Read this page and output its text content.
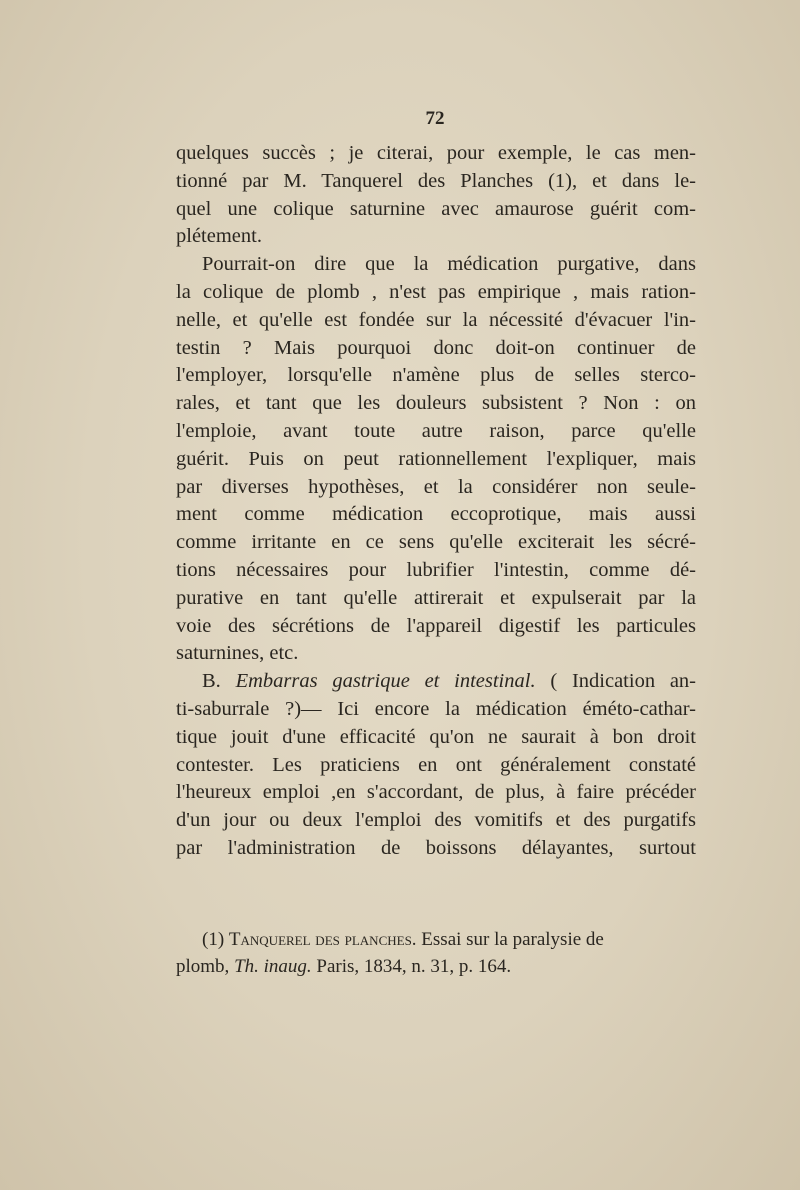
72
quelques succès ; je citerai, pour exemple, le cas men-
tionné par M. Tanquerel des Planches (1), et dans le-
quel une colique saturnine avec amaurose guérit com-
plétement.
Pourrait-on dire que la médication purgative, dans
la colique de plomb , n'est pas empirique , mais ration-
nelle, et qu'elle est fondée sur la nécessité d'évacuer l'in-
testin ? Mais pourquoi donc doit-on continuer de
l'employer, lorsqu'elle n'amène plus de selles sterco-
rales, et tant que les douleurs subsistent ? Non : on
l'emploie, avant toute autre raison, parce qu'elle
guérit. Puis on peut rationnellement l'expliquer, mais
par diverses hypothèses, et la considérer non seule-
ment comme médication eccoprotique, mais aussi
comme irritante en ce sens qu'elle exciterait les sécré-
tions nécessaires pour lubrifier l'intestin, comme dé-
purative en tant qu'elle attirerait et expulserait par la
voie des sécrétions de l'appareil digestif les particules
saturnines, etc.
B. Embarras gastrique et intestinal. ( Indication an-
ti-saburrale ?)— Ici encore la médication éméto-cathar-
tique jouit d'une efficacité qu'on ne saurait à bon droit
contester. Les praticiens en ont généralement constaté
l'heureux emploi ,en s'accordant, de plus, à faire précéder
d'un jour ou deux l'emploi des vomitifs et des purgatifs
par l'administration de boissons délayantes, surtout
(1) Tanquerel des planches. Essai sur la paralysie de
plomb, Th. inaug. Paris, 1834, n. 31, p. 164.
